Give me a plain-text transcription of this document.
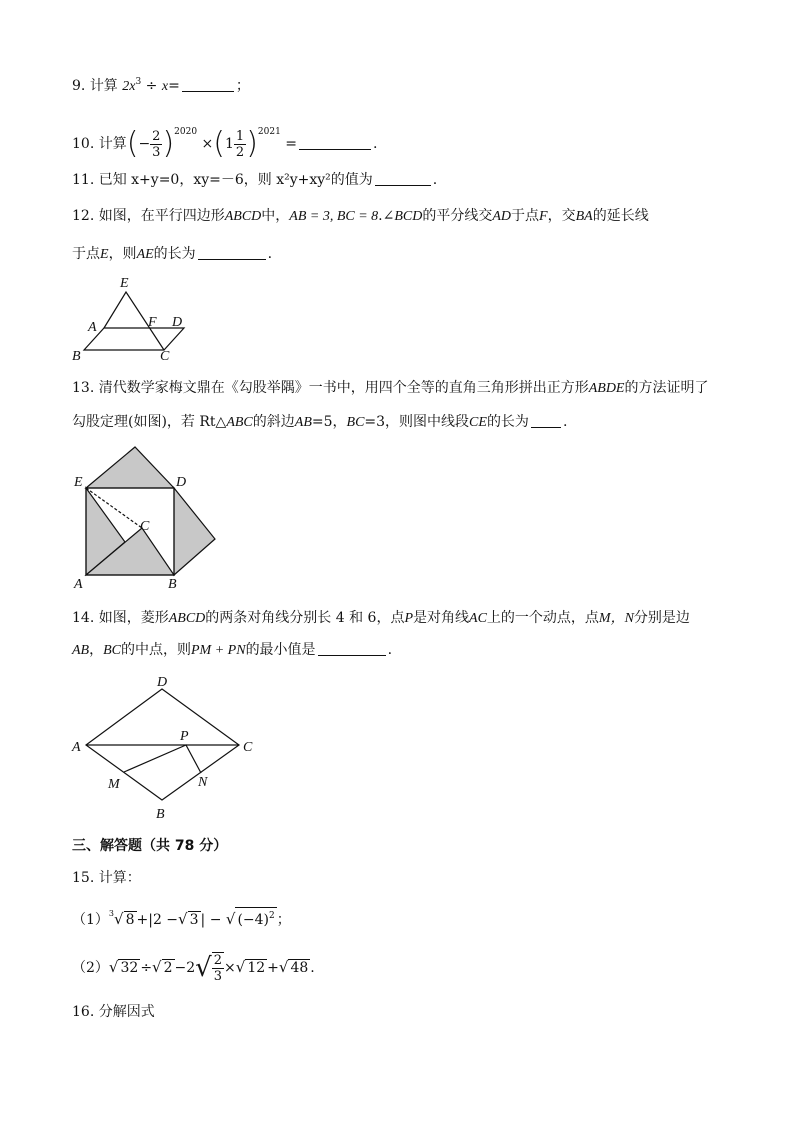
9. 计算 $2x^3 \div x=$	；
10. 计算(− $\frac{2}{3} )^{2020} \times(1 \frac{1}{2} )^{2021}$ =	.
11. 已知 x+y=0，xy=－6，则 x²y+xy²的值为	.
12. 如图，在平行四边形ABCD中，AB = 3, BC = 8.∠BCD的平分线交AD于点F，交BA的延长线
于点E，则AE的长为	.
E
A	F D
B	C
13. 清代数学家梅文鼎在《勾股举隅》一书中，用四个全等的直角三角形拼出正方形ABDE的方法证明了
勾股定理(如图)，若 Rt△ABC的斜边AB=5，BC=3，则图中线段CE的长为 .
E	D
C
A	B
14. 如图，菱形ABCD的两条对角线分别长 4 和 6，点P是对角线AC上的一个动点，点M，N分别是边
AB，BC的中点，则PM + PN的最小值是	.
D
A
P
C
M	N
B
三、解答题（共 78 分）
15. 计算：
$(1)^3√$ 8 +|2 −√ 3 | − √ $(-4)^2$ ；
（2）√ 32 ÷√ $2 -2√ \frac{2}{3}$ ×√ 12 +√ 48 .
16. 分解因式
